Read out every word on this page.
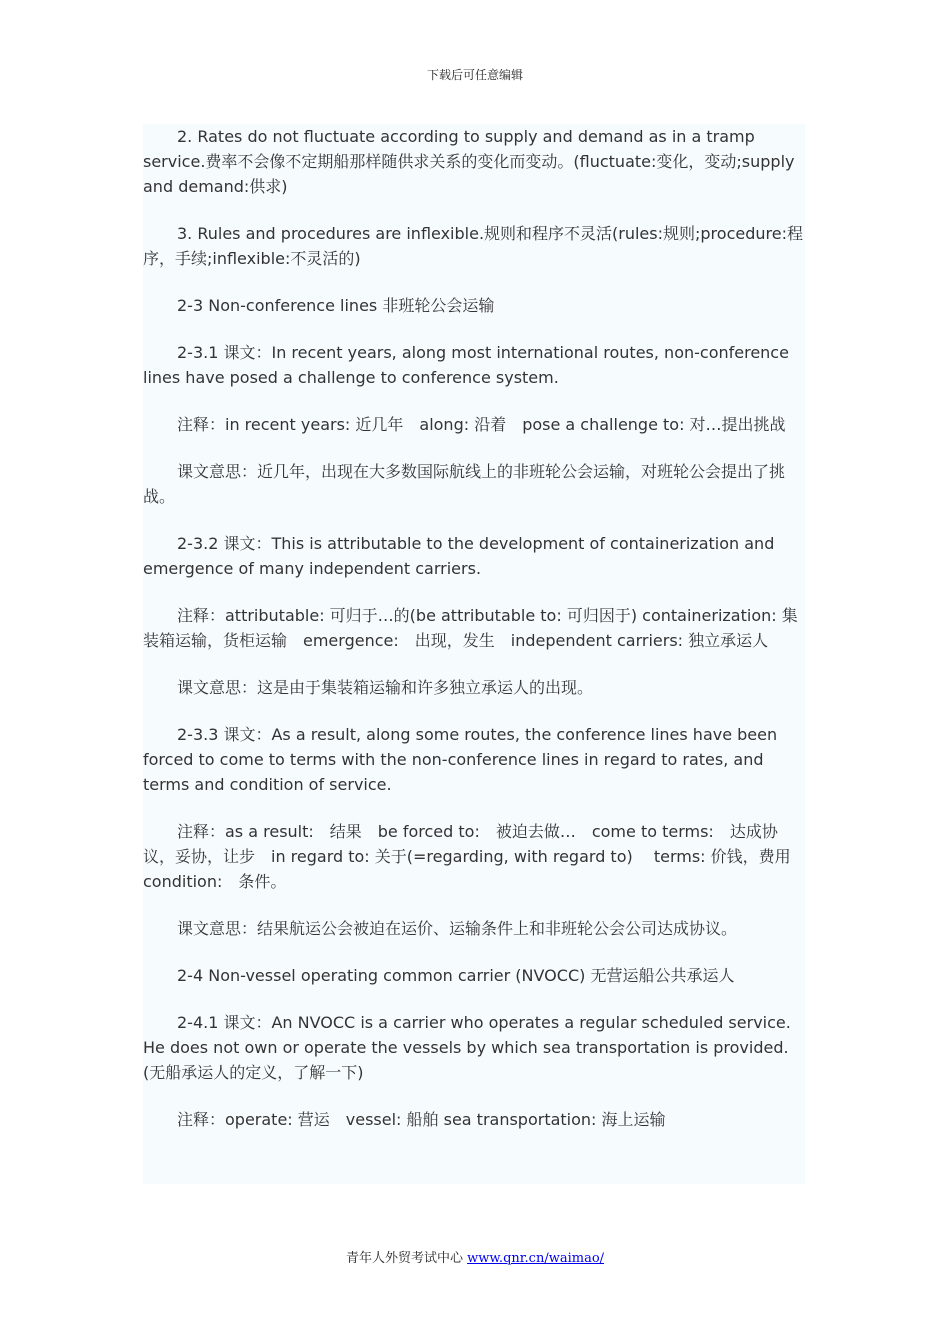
下载后可任意编辑

2. Rates do not fluctuate according to supply and demand as in a tramp service.费率不会像不定期船那样随供求关系的变化而变动。(fluctuate:变化，变动;supply and demand:供求)

3. Rules and procedures are inflexible.规则和程序不灵活(rules:规则;procedure:程序，手续;inflexible:不灵活的)

2-3 Non-conference lines 非班轮公会运输

2-3.1 课文：In recent years, along most international routes, non-conference lines have posed a challenge to conference system.

注释：in recent years: 近几年　along: 沿着　pose a challenge to: 对…提出挑战

课文意思：近几年，出现在大多数国际航线上的非班轮公会运输，对班轮公会提出了挑战。

2-3.2 课文：This is attributable to the development of containerization and emergence of many independent carriers.

注释：attributable: 可归于…的(be attributable to: 可归因于) containerization: 集装箱运输，货柜运输　emergence:　出现，发生　independent carriers: 独立承运人

课文意思：这是由于集装箱运输和许多独立承运人的出现。

2-3.3 课文：As a result, along some routes, the conference lines have been forced to come to terms with the non-conference lines in regard to rates, and terms and condition of service.

注释：as a result:　结果　be forced to:　被迫去做…　come to terms:　达成协议，妥协，让步　in regard to: 关于(=regarding, with regard to)　 terms: 价钱，费用　condition:　条件。

课文意思：结果航运公会被迫在运价、运输条件上和非班轮公会公司达成协议。

2-4 Non-vessel operating common carrier (NVOCC) 无营运船公共承运人

2-4.1 课文：An NVOCC is a carrier who operates a regular scheduled service. He does not own or operate the vessels by which sea transportation is provided. (无船承运人的定义，了解一下)

注释：operate: 营运　vessel: 船舶 sea transportation: 海上运输

青年人外贸考试中心 www.qnr.cn/waimao/
